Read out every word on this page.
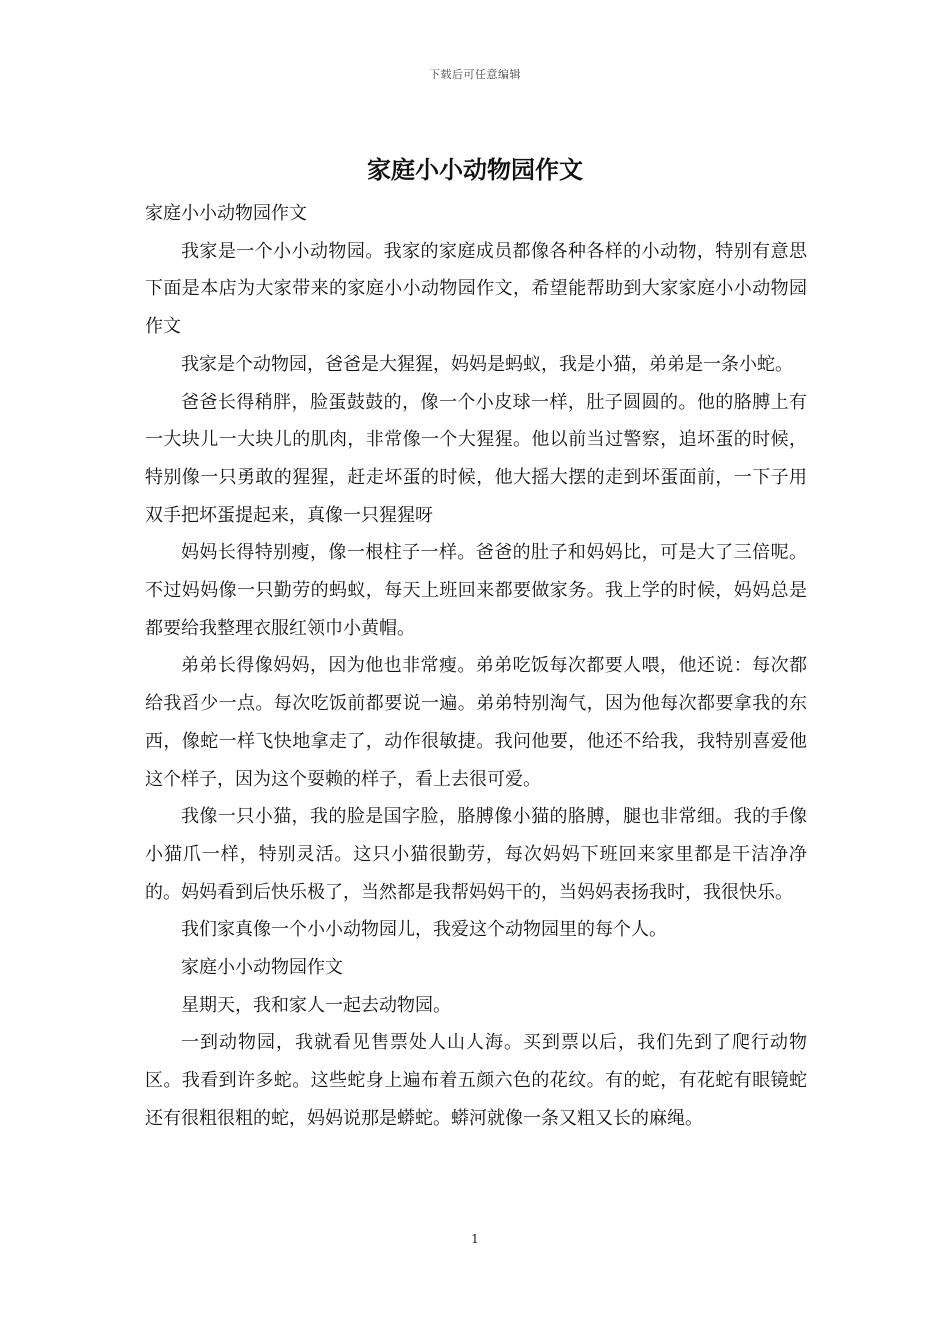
下载后可任意编辑
家庭小小动物园作文

家庭小小动物园作文

我家是一个小小动物园。我家的家庭成员都像各种各样的小动物，特别有意思下面是本店为大家带来的家庭小小动物园作文，希望能帮助到大家家庭小小动物园作文

我家是个动物园，爸爸是大猩猩，妈妈是蚂蚁，我是小猫，弟弟是一条小蛇。

爸爸长得稍胖，脸蛋鼓鼓的，像一个小皮球一样，肚子圆圆的。他的胳膊上有一大块儿一大块儿的肌肉，非常像一个大猩猩。他以前当过警察，追坏蛋的时候，特别像一只勇敢的猩猩，赶走坏蛋的时候，他大摇大摆的走到坏蛋面前，一下子用双手把坏蛋提起来，真像一只猩猩呀

妈妈长得特别瘦，像一根柱子一样。爸爸的肚子和妈妈比，可是大了三倍呢。不过妈妈像一只勤劳的蚂蚁，每天上班回来都要做家务。我上学的时候，妈妈总是都要给我整理衣服红领巾小黄帽。

弟弟长得像妈妈，因为他也非常瘦。弟弟吃饭每次都要人喂，他还说：每次都给我舀少一点。每次吃饭前都要说一遍。弟弟特别淘气，因为他每次都要拿我的东西，像蛇一样飞快地拿走了，动作很敏捷。我问他要，他还不给我，我特别喜爱他这个样子，因为这个耍赖的样子，看上去很可爱。

我像一只小猫，我的脸是国字脸，胳膊像小猫的胳膊，腿也非常细。我的手像小猫爪一样，特别灵活。这只小猫很勤劳，每次妈妈下班回来家里都是干洁净净的。妈妈看到后快乐极了，当然都是我帮妈妈干的，当妈妈表扬我时，我很快乐。

我们家真像一个小小动物园儿，我爱这个动物园里的每个人。

家庭小小动物园作文

星期天，我和家人一起去动物园。

一到动物园，我就看见售票处人山人海。买到票以后，我们先到了爬行动物区。我看到许多蛇。这些蛇身上遍布着五颜六色的花纹。有的蛇，有花蛇有眼镜蛇还有很粗很粗的蛇，妈妈说那是蟒蛇。蟒河就像一条又粗又长的麻绳。

1
